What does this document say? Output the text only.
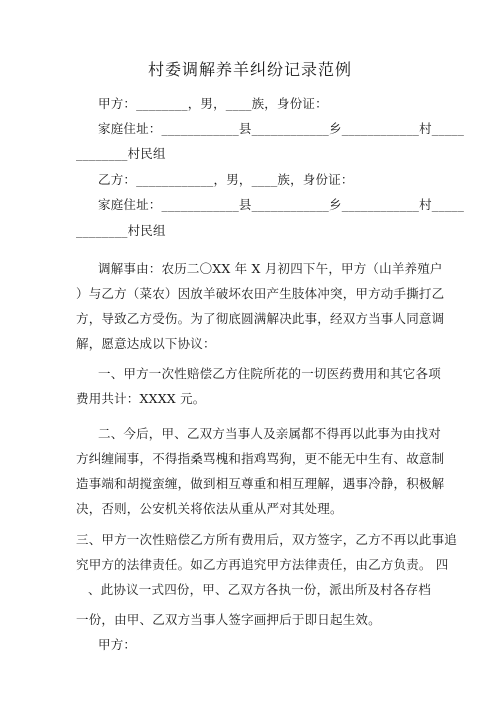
村委调解养羊纠纷记录范例
甲方：________，男，____族，身份证：
家庭住址：____________县____________乡____________村_____
________村民组
乙方：____________，男，____族，身份证：
家庭住址：____________县____________乡____________村_____
________村民组
调解事由：农历二〇XX 年 X 月初四下午，甲方（山羊养殖户
）与乙方（菜农）因放羊破坏农田产生肢体冲突，甲方动手撕打乙
方，导致乙方受伤。为了彻底圆满解决此事，经双方当事人同意调
解，愿意达成以下协议：
一、甲方一次性赔偿乙方住院所花的一切医药费用和其它各项
费用共计：XXXX 元。
二、今后，甲、乙双方当事人及亲属都不得再以此事为由找对
方纠缠闹事，不得指桑骂槐和指鸡骂狗，更不能无中生有、故意制
造事端和胡搅蛮缠，做到相互尊重和相互理解，遇事冷静，积极解
决，否则，公安机关将依法从重从严对其处理。
三、甲方一次性赔偿乙方所有费用后，双方签字，乙方不再以此事追
究甲方的法律责任。如乙方再追究甲方法律责任，由乙方负责。 四
、此协议一式四份，甲、乙双方各执一份，派出所及村各存档
一份，由甲、乙双方当事人签字画押后于即日起生效。
甲方：
